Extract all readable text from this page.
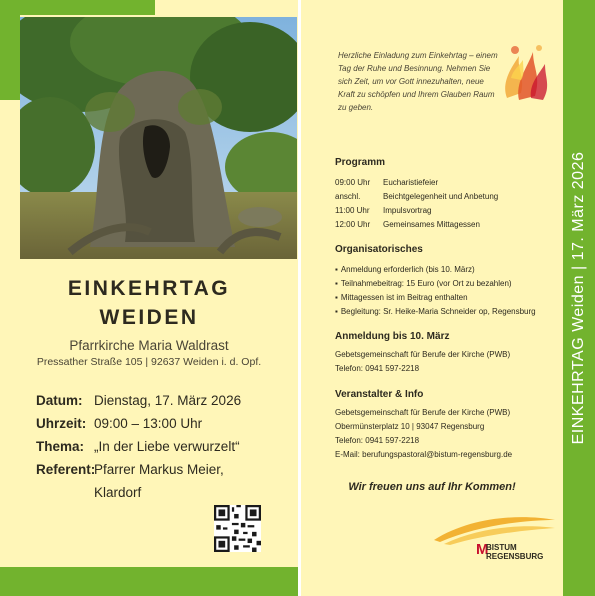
EINKEHRTAG
WEIDEN
Pfarrkirche Maria Waldrast
Pressather Straße 105 | 92637 Weiden i. d. Opf.
Datum: Dienstag, 17. März 2026
Uhrzeit: 09:00 – 13:00 Uhr
Thema: „In der Liebe verwurzelt“
Referent:
Pfarrer Markus Meier,
Klardorf
Herzliche Einladung zum Einkehrtag – einem Tag der Ruhe und Besinnung. Nehmen Sie sich Zeit, um vor Gott innezuhalten, neue Kraft zu schöpfen und Ihrem Glauben Raum zu geben.
Programm
09:00 Uhr Eucharistiefeier
anschl.	Beichtgelegenheit und Anbetung
11:00 Uhr Impulsvortrag
12:00 Uhr Gemeinsames Mittagessen
Organisatorisches
▪ Anmeldung erforderlich (bis 10. März)
▪ Teilnahmebeitrag: 15 Euro (vor Ort zu bezahlen)
▪ Mittagessen ist im Beitrag enthalten
▪ Begleitung: Sr. Heike-Maria Schneider op, Regensburg
Anmeldung bis 10. März
Gebetsgemeinschaft für Berufe der Kirche (PWB)
Telefon: 0941 597-2218
Veranstalter & Info
Gebetsgemeinschaft für Berufe der Kirche (PWB)
Obermünsterplatz 10 | 93047 Regensburg
Telefon: 0941 597-2218
E-Mail: berufungspastoral@bistum-regensburg.de
Wir freuen uns auf Ihr Kommen!
M
BISTUM
REGENSBURG
EINKEHRTAG Weiden | 17. März 2026
